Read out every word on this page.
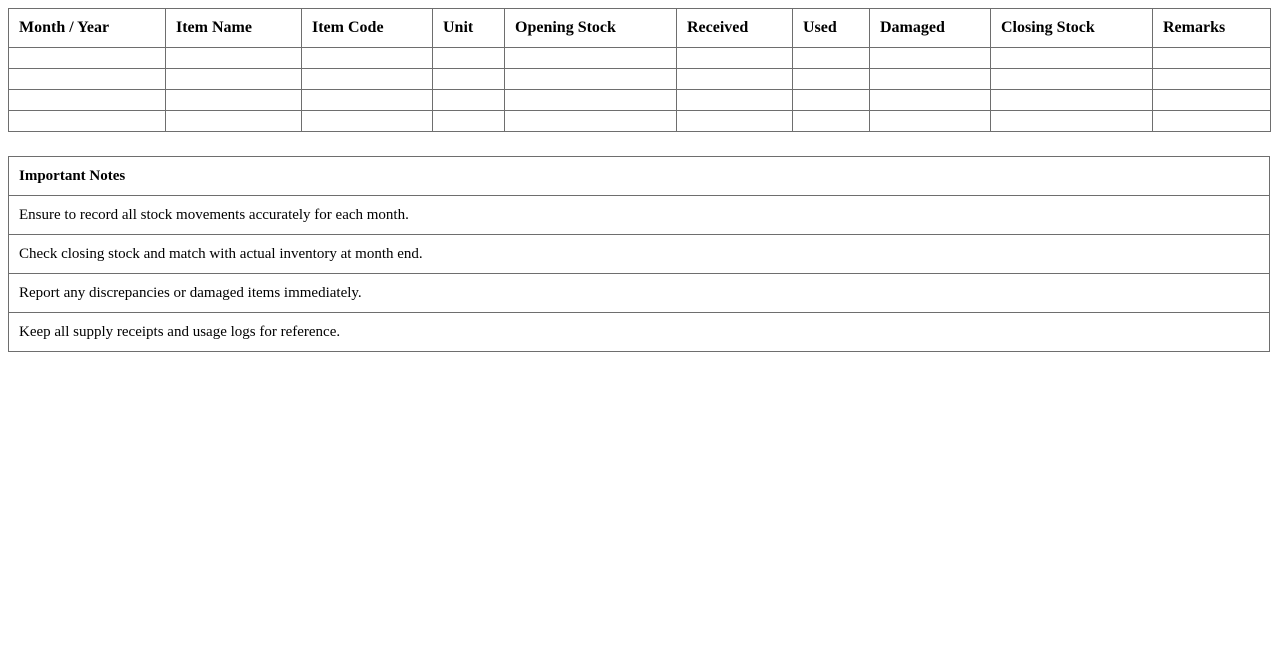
Month / Year	Item Name	Item Code	Unit	Opening Stock	Received	Used	Damaged	Closing Stock	Remarks

Important Notes
Ensure to record all stock movements accurately for each month.
Check closing stock and match with actual inventory at month end.
Report any discrepancies or damaged items immediately.
Keep all supply receipts and usage logs for reference.
